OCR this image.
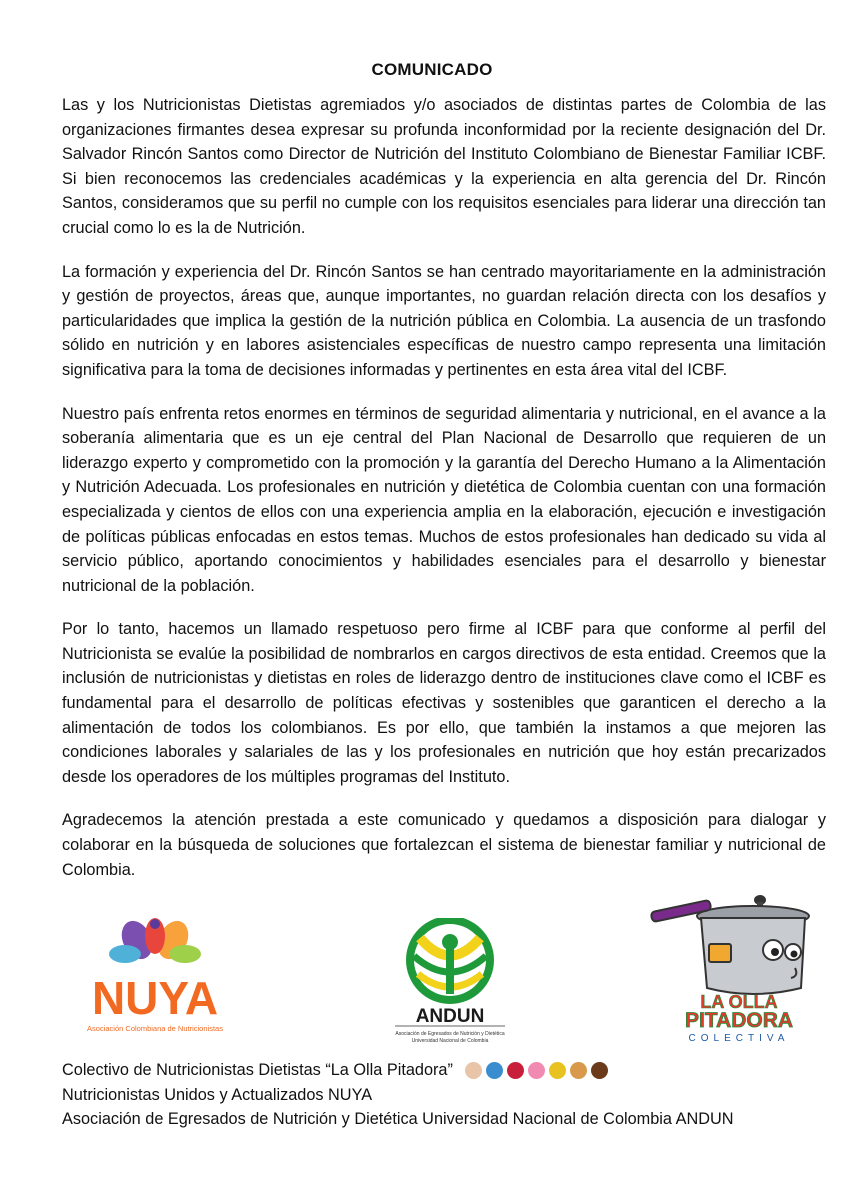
COMUNICADO

Las y los Nutricionistas Dietistas agremiados y/o asociados de distintas partes de Colombia de las organizaciones firmantes desea expresar su profunda inconformidad por la reciente designación del Dr. Salvador Rincón Santos como Director de Nutrición del Instituto Colombiano de Bienestar Familiar ICBF. Si bien reconocemos las credenciales académicas y la experiencia en alta gerencia del Dr. Rincón Santos, consideramos que su perfil no cumple con los requisitos esenciales para liderar una dirección tan crucial como lo es la de Nutrición.

La formación y experiencia del Dr. Rincón Santos se han centrado mayoritariamente en la administración y gestión de proyectos, áreas que, aunque importantes, no guardan relación directa con los desafíos y particularidades que implica la gestión de la nutrición pública en Colombia. La ausencia de un trasfondo sólido en nutrición y en labores asistenciales específicas de nuestro campo representa una limitación significativa para la toma de decisiones informadas y pertinentes en esta área vital del ICBF.

Nuestro país enfrenta retos enormes en términos de seguridad alimentaria y nutricional, en el avance a la soberanía alimentaria que es un eje central del Plan Nacional de Desarrollo que requieren de un liderazgo experto y comprometido con la promoción y la garantía del Derecho Humano a la Alimentación y Nutrición Adecuada. Los profesionales en nutrición y dietética de Colombia cuentan con una formación especializada y cientos de ellos con una experiencia amplia en la elaboración, ejecución e investigación de políticas públicas enfocadas en estos temas. Muchos de estos profesionales han dedicado su vida al servicio público, aportando conocimientos y habilidades esenciales para el desarrollo y bienestar nutricional de la población.

Por lo tanto, hacemos un llamado respetuoso pero firme al ICBF para que conforme al perfil del Nutricionista se evalúe la posibilidad de nombrarlos en cargos directivos de esta entidad. Creemos que la inclusión de nutricionistas y dietistas en roles de liderazgo dentro de instituciones clave como el ICBF es fundamental para el desarrollo de políticas efectivas y sostenibles que garanticen el derecho a la alimentación de todos los colombianos. Es por ello, que también la instamos a que mejoren las condiciones laborales y salariales de las y los profesionales en nutrición que hoy están precarizados desde los operadores de los múltiples programas del Instituto.

Agradecemos la atención prestada a este comunicado y quedamos a disposición para dialogar y colaborar en la búsqueda de soluciones que fortalezcan el sistema de bienestar familiar y nutricional de Colombia.

NUYA
Asociación Colombiana de Nutricionistas
ANDUN
Asociación de Egresados de Nutrición y Dietética
Universidad Nacional de Colombia
LA OLLA
PITADORA
COLECTIVA
Colectivo de Nutricionistas Dietistas “La Olla Pitadora”
Nutricionistas Unidos y Actualizados NUYA
Asociación de Egresados de Nutrición y Dietética Universidad Nacional de Colombia ANDUN
